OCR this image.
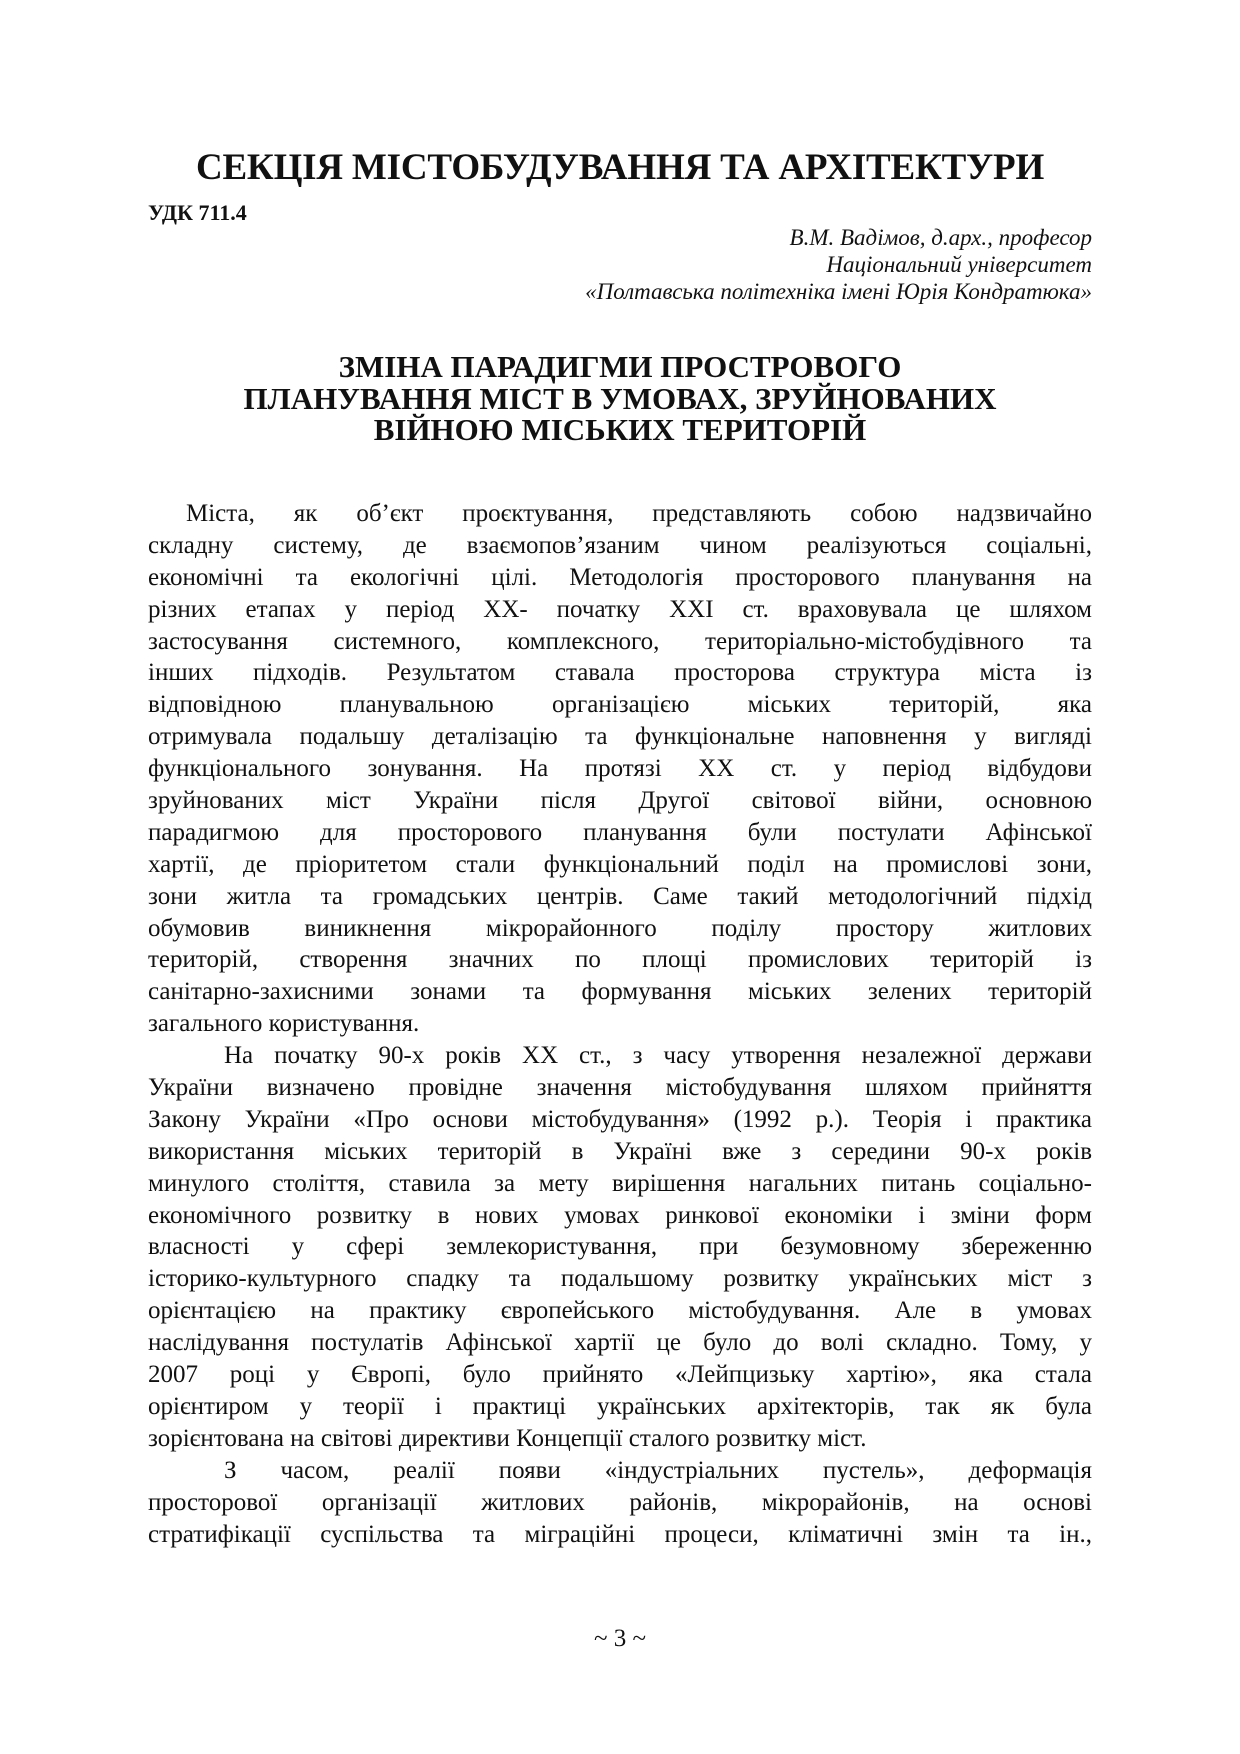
СЕКЦІЯ МІСТОБУДУВАННЯ ТА АРХІТЕКТУРИ
УДК 711.4
В.М. Вадімов, д.арх., професор
Національний університет
«Полтавська політехніка імені Юрія Кондратюка»
ЗМІНА ПАРАДИГМИ ПРОСТРОВОГО
ПЛАНУВАННЯ МІСТ В УМОВАХ, ЗРУЙНОВАНИХ
ВІЙНОЮ МІСЬКИХ ТЕРИТОРІЙ
Міста, як об’єкт проєктування, представляють собою надзвичайно
складну систему, де взаємопов’язаним чином реалізуються соціальні,
економічні та екологічні цілі. Методологія просторового планування на
різних етапах у період XX- початку XXI ст. враховувала це шляхом
застосування системного, комплексного, територіально-містобудівного та
інших підходів. Результатом ставала просторова структура міста із
відповідною планувальною організацією міських територій, яка
отримувала подальшу деталізацію та функціональне наповнення у вигляді
функціонального зонування. На протязі XX ст. у період відбудови
зруйнованих міст України після Другої світової війни, основною
парадигмою для просторового планування були постулати Афінської
хартії, де пріоритетом стали функціональний поділ на промислові зони,
зони житла та громадських центрів. Саме такий методологічний підхід
обумовив виникнення мікрорайонного поділу простору житлових
територій, створення значних по площі промислових територій із
санітарно-захисними зонами та формування міських зелених територій
загального користування.
На початку 90-х років XX ст., з часу утворення незалежної держави
України визначено провідне значення містобудування шляхом прийняття
Закону України «Про основи містобудування» (1992 р.). Теорія і практика
використання міських територій в Україні вже з середини 90-х років
минулого століття, ставила за мету вирішення нагальних питань соціально-
економічного розвитку в нових умовах ринкової економіки і зміни форм
власності у сфері землекористування, при безумовному збереженню
історико-культурного спадку та подальшому розвитку українських міст з
орієнтацією на практику європейського містобудування. Але в умовах
наслідування постулатів Афінської хартії це було до волі складно. Тому, у
2007 році у Європі, було прийнято «Лейпцизьку хартію», яка стала
орієнтиром у теорії і практиці українських архітекторів, так як була
зорієнтована на світові директиви Концепції сталого розвитку міст.
З часом, реалії появи «індустріальних пустель», деформація
просторової організації житлових районів, мікрорайонів, на основі
стратифікації суспільства та міграційні процеси, кліматичні змін та ін.,
~ 3 ~
